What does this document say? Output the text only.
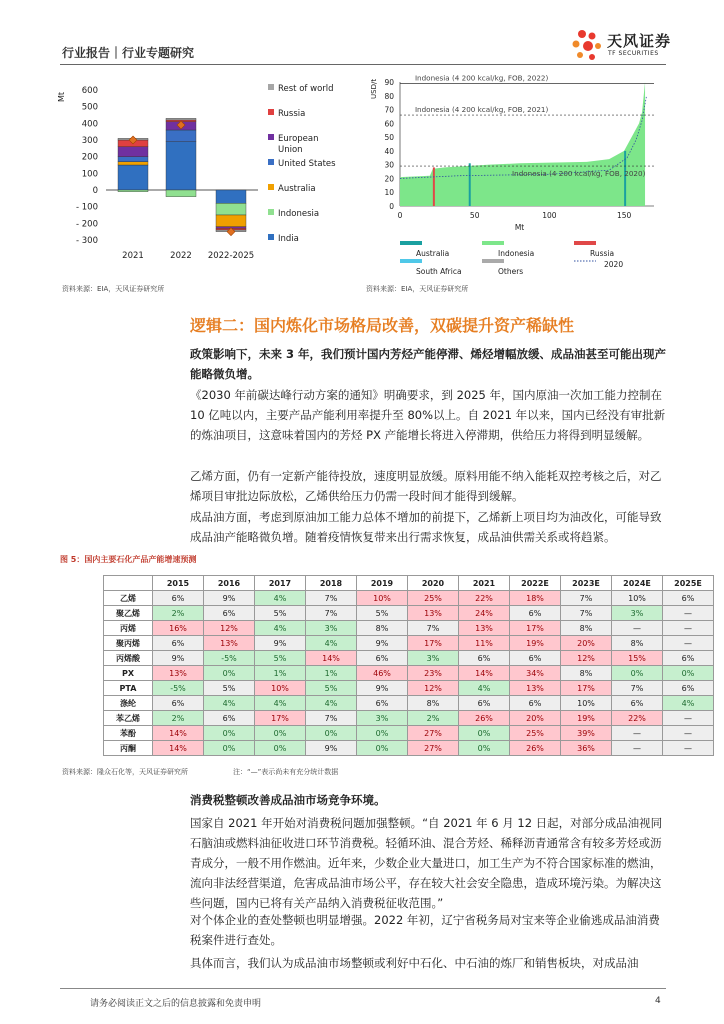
行业报告｜行业专题研究
天风证券
TF SECURITIES
Mt
600
500
400
300
200
100
0
- 100
- 200
- 300
2021	2022 2022-2025
Rest of world
Russia
European
Union
United States
Australia
Indonesia
India
资料来源：EIA，天风证券研究所
USD/t
0
10
20
30
40
50
60
70
80
90
0	50	100	150
Mt
Indonesia (4 200 kcal/kg, FOB, 2022)
Indonesia (4 200 kcal/kg, FOB, 2021)
Indonesia (4 200 kcal/kg, FOB, 2020)
Australia	Indonesia	Russia
South Africa	Others
2020
资料来源：EIA，天风证券研究所
逻辑二：国内炼化市场格局改善，双碳提升资产稀缺性
政策影响下，未来 3 年，我们预计国内芳烃产能停滞、烯烃增幅放缓、成品油甚至可能出现产能略微负增。
《2030 年前碳达峰行动方案的通知》明确要求，到 2025 年，国内原油一次加工能力控制在 10 亿吨以内，主要产品产能利用率提升至 80%以上。自 2021 年以来，国内已经没有审批新的炼油项目，这意味着国内的芳烃 PX 产能增长将进入停滞期，供给压力将得到明显缓解。
乙烯方面，仍有一定新产能待投放，速度明显放缓。原料用能不纳入能耗双控考核之后，对乙烯项目审批边际放松，乙烯供给压力仍需一段时间才能得到缓解。
成品油方面，考虑到原油加工能力总体不增加的前提下，乙烯新上项目均为油改化，可能导致成品油产能略微负增。随着疫情恢复带来出行需求恢复，成品油供需关系或将趋紧。
图 5：国内主要石化产品产能增速预测
	2015	2016	2017	2018	2019	2020	2021	2022E	2023E	2024E	2025E
乙烯	6%	9%	4%	7%	10%	25%	22%	18%	7%	10%	6%
聚乙烯	2%	6%	5%	7%	5%	13%	24%	6%	7%	3%	—
丙烯	16%	12%	4%	3%	8%	7%	13%	17%	8%	—	—
聚丙烯	6%	13%	9%	4%	9%	17%	11%	19%	20%	8%	—
丙烯酸	9%	-5%	5%	14%	6%	3%	6%	6%	12%	15%	6%
PX	13%	0%	1%	1%	46%	23%	14%	34%	8%	0%	0%
PTA	-5%	5%	10%	5%	9%	12%	4%	13%	17%	7%	6%
涤纶	6%	4%	4%	4%	6%	8%	6%	6%	10%	6%	4%
苯乙烯	2%	6%	17%	7%	3%	2%	26%	20%	19%	22%	—
苯酚	14%	0%	0%	0%	0%	27%	0%	25%	39%	—	—
丙酮	14%	0%	0%	9%	0%	27%	0%	26%	36%	—	—
资料来源：隆众石化等，天风证券研究所	注：“—”表示尚未有充分统计数据
消费税整顿改善成品油市场竞争环境。
国家自 2021 年开始对消费税问题加强整顿。“自 2021 年 6 月 12 日起，对部分成品油视同石脑油或燃料油征收进口环节消费税。轻循环油、混合芳烃、稀释沥青通常含有较多芳烃或沥青成分，一般不用作燃油。近年来，少数企业大量进口，加工生产为不符合国家标准的燃油，流向非法经营渠道，危害成品油市场公平，存在较大社会安全隐患，造成环境污染。为解决这些问题，国内已将有关产品纳入消费税征收范围。”
对个体企业的查处整顿也明显增强。2022 年初，辽宁省税务局对宝来等企业偷逃成品油消费税案件进行查处。
具体而言，我们认为成品油市场整顿或利好中石化、中石油的炼厂和销售板块，对成品油
请务必阅读正文之后的信息披露和免责申明	4
